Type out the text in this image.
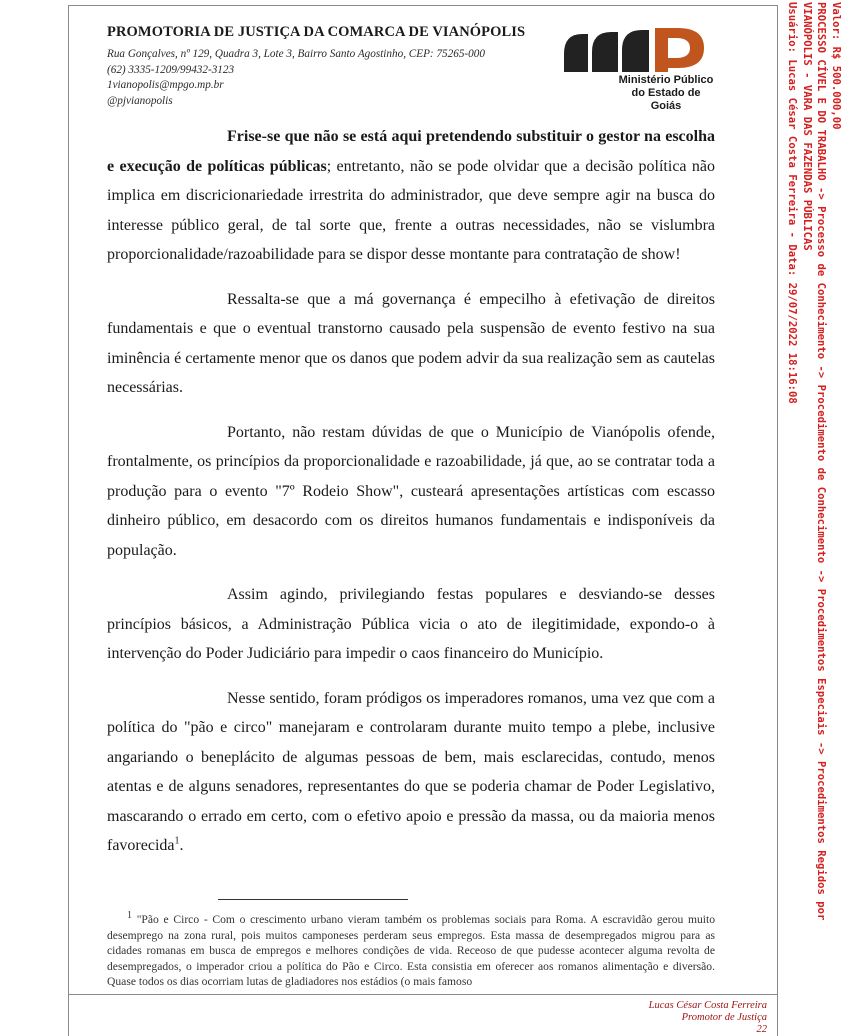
PROMOTORIA DE JUSTIÇA DA COMARCA DE VIANÓPOLIS
Rua Gonçalves, nº 129, Quadra 3, Lote 3, Bairro Santo Agostinho, CEP: 75265-000
(62) 3335-1209/99432-3123
1vianopolis@mpgo.mp.br
@pjvianopolis
Ministério Público
do Estado de Goiás

Frise-se que não se está aqui pretendendo substituir o gestor na escolha e execução de políticas públicas; entretanto, não se pode olvidar que a decisão política não implica em discricionariedade irrestrita do administrador, que deve sempre agir na busca do interesse público geral, de tal sorte que, frente a outras necessidades, não se vislumbra proporcionalidade/razoabilidade para se dispor desse montante para contratação de show!

Ressalta-se que a má governança é empecilho à efetivação de direitos fundamentais e que o eventual transtorno causado pela suspensão de evento festivo na sua iminência é certamente menor que os danos que podem advir da sua realização sem as cautelas necessárias.

Portanto, não restam dúvidas de que o Município de Vianópolis ofende, frontalmente, os princípios da proporcionalidade e razoabilidade, já que, ao se contratar toda a produção para o evento "7º Rodeio Show", custeará apresentações artísticas com escasso dinheiro público, em desacordo com os direitos humanos fundamentais e indisponíveis da população.

Assim agindo, privilegiando festas populares e desviando-se desses princípios básicos, a Administração Pública vicia o ato de ilegitimidade, expondo-o à intervenção do Poder Judiciário para impedir o caos financeiro do Município.

Nesse sentido, foram pródigos os imperadores romanos, uma vez que com a política do "pão e circo" manejaram e controlaram durante muito tempo a plebe, inclusive angariando o beneplácito de algumas pessoas de bem, mais esclarecidas, contudo, menos atentas e de alguns senadores, representantes do que se poderia chamar de Poder Legislativo, mascarando o errado em certo, com o efetivo apoio e pressão da massa, ou da maioria menos favorecida$^1$.

1 "Pão e Circo - Com o crescimento urbano vieram também os problemas sociais para Roma. A escravidão gerou muito desemprego na zona rural, pois muitos camponeses perderam seus empregos. Esta massa de desempregados migrou para as cidades romanas em busca de empregos e melhores condições de vida. Receoso de que pudesse acontecer alguma revolta de desempregados, o imperador criou a política do Pão e Circo. Esta consistia em oferecer aos romanos alimentação e diversão. Quase todos os dias ocorriam lutas de gladiadores nos estádios (o mais famoso
Lucas César Costa Ferreira
Promotor de Justiça
22
Valor: R$ 500.000,00
PROCESSO CÍVEL E DO TRABALHO -> Processo de Conhecimento -> Procedimento de Conhecimento -> Procedimentos Especiais -> Procedimentos Regidos por
VIANÓPOLIS - VARA DAS FAZENDAS PÚBLICAS
Usuário: Lucas César Costa Ferreira - Data: 29/07/2022 18:16:08
